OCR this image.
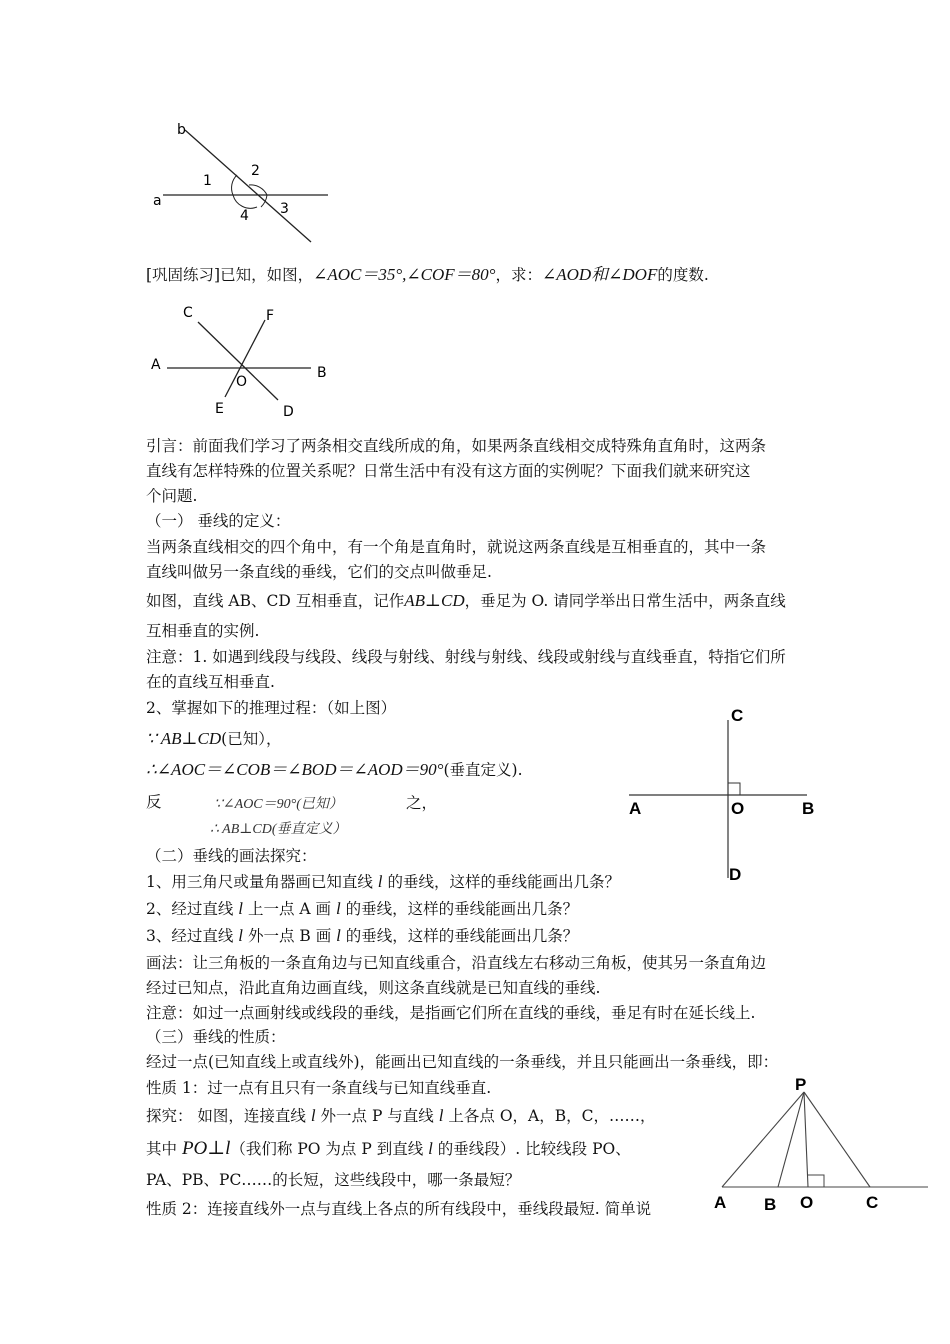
b
a
1
2
3
4
[巩固练习]已知，如图，∠AOC＝35°,∠COF＝80°，求：∠AOD和∠DOF的度数.
C	F
A	B
O
E	D
引言：前面我们学习了两条相交直线所成的角，如果两条直线相交成特殊角直角时，这两条
直线有怎样特殊的位置关系呢？日常生活中有没有这方面的实例呢？下面我们就来研究这
个问题.
（一） 垂线的定义：
当两条直线相交的四个角中，有一个角是直角时，就说这两条直线是互相垂直的，其中一条
直线叫做另一条直线的垂线，它们的交点叫做垂足.
如图，直线 AB、CD 互相垂直，记作AB⊥CD，垂足为 O. 请同学举出日常生活中，两条直线
互相垂直的实例.
注意：1. 如遇到线段与线段、线段与射线、射线与射线、线段或射线与直线垂直，特指它们所
在的直线互相垂直.
2、掌握如下的推理过程：（如上图）
∵ AB⊥CD(已知），
∴∠AOC＝∠COB＝∠BOD＝∠AOD＝90°(垂直定义).
反	∵∠AOC＝90°(已知）	之，
∴ AB⊥CD(垂直定义）
C
A	O	B
D
（二）垂线的画法探究：
1、用三角尺或量角器画已知直线 l 的垂线，这样的垂线能画出几条？
2、经过直线 l 上一点 A 画 l 的垂线，这样的垂线能画出几条？
3、经过直线 l 外一点 B 画 l 的垂线，这样的垂线能画出几条？
画法：让三角板的一条直角边与已知直线重合，沿直线左右移动三角板，使其另一条直角边
经过已知点，沿此直角边画直线，则这条直线就是已知直线的垂线.
注意：如过一点画射线或线段的垂线，是指画它们所在直线的垂线，垂足有时在延长线上.
（三）垂线的性质：
经过一点(已知直线上或直线外)，能画出已知直线的一条垂线，并且只能画出一条垂线，即：
性质 1：过一点有且只有一条直线与已知直线垂直.
探究： 如图，连接直线 l 外一点 P 与直线 l 上各点 O，A，B，C，……，
其中 PO⊥l（我们称 PO 为点 P 到直线 l 的垂线段）. 比较线段 PO、
PA、PB、PC……的长短，这些线段中，哪一条最短？
性质 2：连接直线外一点与直线上各点的所有线段中，垂线段最短. 简单说
P
A B O	C
